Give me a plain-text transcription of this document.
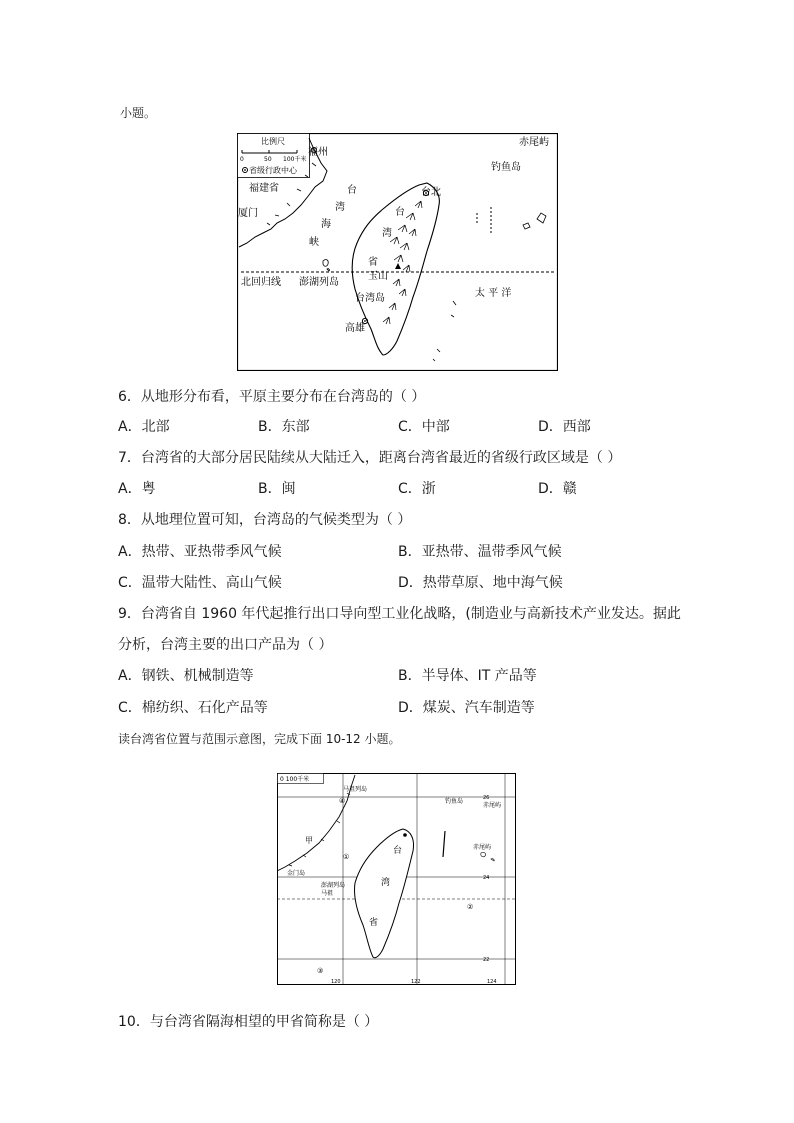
小题。
比例尺
0	50 100千米
省级行政中心
福州
福建省
厦门
台
湾
海
峡
台北
台
湾
省
玉山
北回归线 澎湖列岛
台湾岛
高雄
太 平 洋
赤尾屿
钓鱼岛
6．从地形分布看，平原主要分布在台湾岛的（ ）
A．北部	B．东部	C．中部	D．西部
7．台湾省的大部分居民陆续从大陆迁入，距离台湾省最近的省级行政区域是（ ）
A．粤	B．闽	C．浙	D．赣
8．从地理位置可知，台湾岛的气候类型为（ ）
A．热带、亚热带季风气候	B．亚热带、温带季风气候
C．温带大陆性、高山气候	D．热带草原、地中海气候
9．台湾省自 1960 年代起推行出口导向型工业化战略，(制造业与高新技术产业发达。据此
分析，台湾主要的出口产品为（ ）
A．钢铁、机械制造等	B．半导体、IT 产品等
C．棉纺织、石化产品等	D．煤炭、汽车制造等
读台湾省位置与范围示意图，完成下面 10-12 小题。
0 100千米
马祖列岛
甲
台
湾
省
26
24
22
120	122	124
钓鱼岛
赤尾屿
赤尾屿
澎湖列岛
马祖
金门岛
①
②
③
④
10．与台湾省隔海相望的甲省简称是（ ）
